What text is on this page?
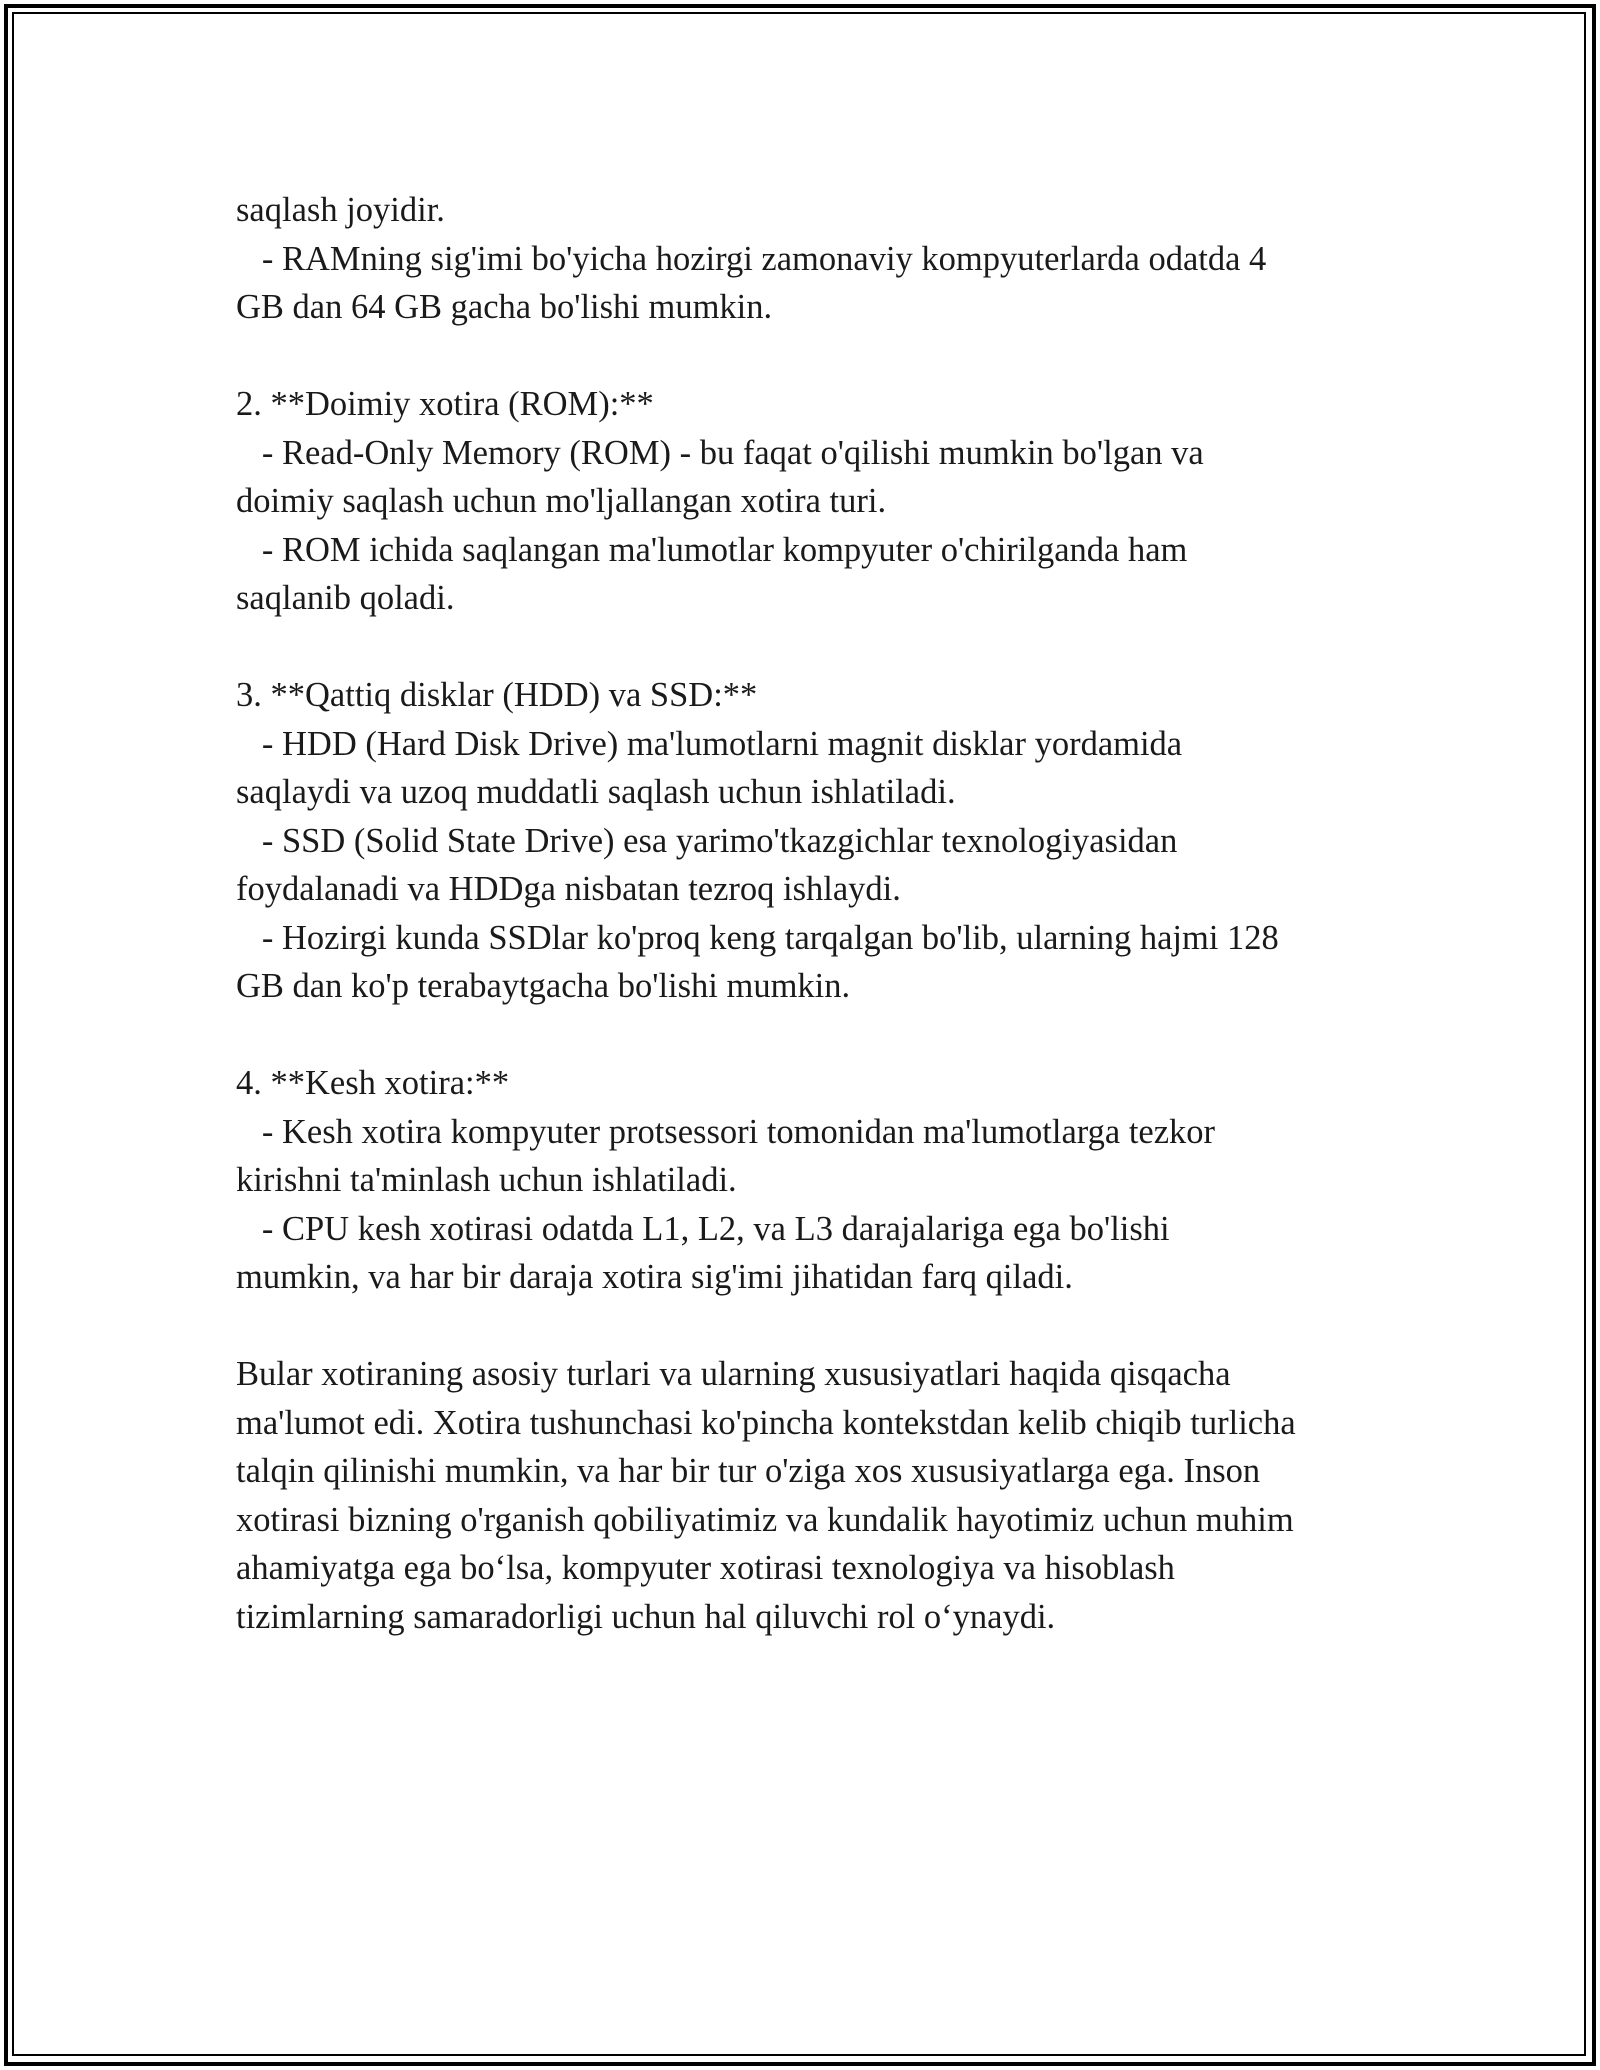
saqlash joyidir.
- RAMning sig'imi bo'yicha hozirgi zamonaviy kompyuterlarda odatda 4
GB dan 64 GB gacha bo'lishi mumkin.
2. **Doimiy xotira (ROM):**
- Read-Only Memory (ROM) - bu faqat o'qilishi mumkin bo'lgan va
doimiy saqlash uchun mo'ljallangan xotira turi.
- ROM ichida saqlangan ma'lumotlar kompyuter o'chirilganda ham
saqlanib qoladi.
3. **Qattiq disklar (HDD) va SSD:**
- HDD (Hard Disk Drive) ma'lumotlarni magnit disklar yordamida
saqlaydi va uzoq muddatli saqlash uchun ishlatiladi.
- SSD (Solid State Drive) esa yarimo'tkazgichlar texnologiyasidan
foydalanadi va HDDga nisbatan tezroq ishlaydi.
- Hozirgi kunda SSDlar ko'proq keng tarqalgan bo'lib, ularning hajmi 128
GB dan ko'p terabaytgacha bo'lishi mumkin.
4. **Kesh xotira:**
- Kesh xotira kompyuter protsessori tomonidan ma'lumotlarga tezkor
kirishni ta'minlash uchun ishlatiladi.
- CPU kesh xotirasi odatda L1, L2, va L3 darajalariga ega bo'lishi
mumkin, va har bir daraja xotira sig'imi jihatidan farq qiladi.
Bular xotiraning asosiy turlari va ularning xususiyatlari haqida qisqacha
ma'lumot edi. Xotira tushunchasi ko'pincha kontekstdan kelib chiqib turlicha
talqin qilinishi mumkin, va har bir tur o'ziga xos xususiyatlarga ega. Inson
xotirasi bizning o'rganish qobiliyatimiz va kundalik hayotimiz uchun muhim
ahamiyatga ega bo‘lsa, kompyuter xotirasi texnologiya va hisoblash
tizimlarning samaradorligi uchun hal qiluvchi rol o‘ynaydi.
